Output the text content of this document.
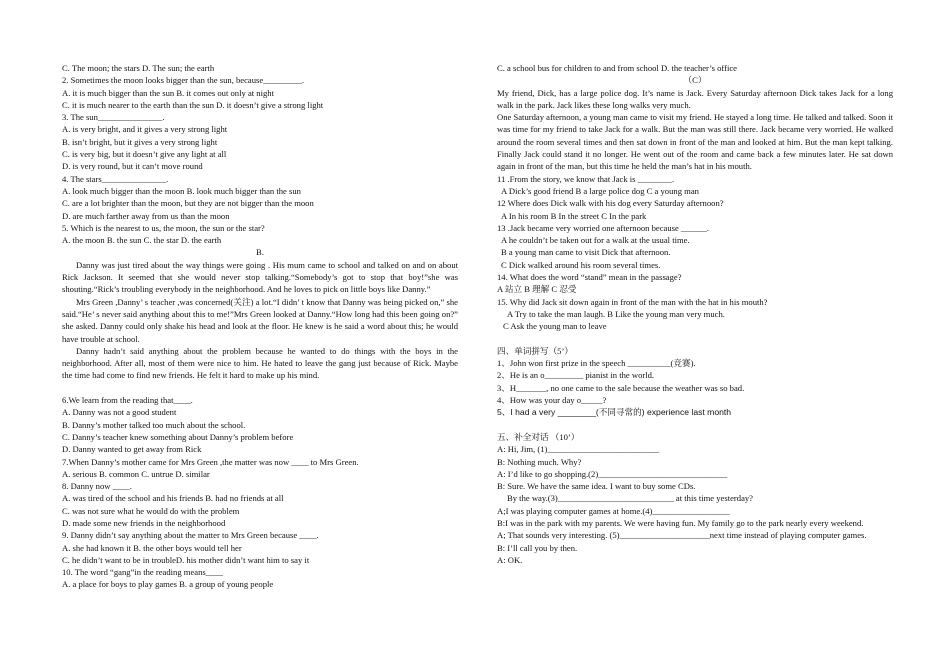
C. The moon; the stars D. The sun; the earth
2. Sometimes the moon looks bigger than the sun, because_________.
A. it is much bigger than the sun B. it comes out only at night
C. it is much nearer to the earth than the sun D. it doesn’t give a strong light
3. The sun_______________.
A. is very bright, and it gives a very strong light
B. isn’t bright, but it gives a very strong light
C. is very big, but it doesn’t give any light at all
D. is very round, but it can’t move round
4. The stars_______________.
A. look much bigger than the moon B. look much bigger than the sun
C. are a lot brighter than the moon, but they are not bigger than the moon
D. are much farther away from us than the moon
5. Which is the nearest to us, the moon, the sun or the star?
A. the moon B. the sun C. the star D. the earth
B.
Danny was just tired about the way things were going . His mum came to school and talked on and on about Rick Jackson. It seemed that she would never stop talking.“Somebody’s got to stop that boy!”she was shouting.“Rick’s troubling everybody in the neighborhood. And he loves to pick on little boys like Danny.”
Mrs Green ,Danny’ s teacher ,was concerned(关注) a lot.“I didn’ t know that Danny was being picked on,” she said.“He’ s never said anything about this to me!”Mrs Green looked at Danny.“How long had this been going on?” she asked. Danny could only shake his head and look at the floor. He knew is he said a word about this; he would have trouble at school.
Danny hadn’t said anything about the problem because he wanted to do things with the boys in the neighborhood. After all, most of them were nice to him. He hated to leave the gang just because of Rick. Maybe the time had come to find new friends. He felt it hard to make up his mind.
6.We learn from the reading that____.
A. Danny was not a good student
B. Danny’s mother talked too much about the school.
C. Danny’s teacher knew something about Danny’s problem before
D. Danny wanted to get away from Rick
7.When Danny’s mother came for Mrs Green ,the matter was now ____ to Mrs Green.
A. serious B. common C. untrue D. similar
8. Danny now ____.
A. was tired of the school and his friends B. had no friends at all
C. was not sure what he would do with the problem
D. made some new friends in the neighborhood
9. Danny didn’t say anything about the matter to Mrs Green because ____.
A. she had known it B. the other boys would tell her
C. he didn’t want to be in troubleD. his mother didn’t want him to say it
10. The word “gang”in the reading means____
A. a place for boys to play games B. a group of young people
C. a school bus for children to and from school D. the teacher’s office
（C）
My friend, Dick, has a large police dog. It’s name is Jack. Every Saturday afternoon Dick takes Jack for a long walk in the park. Jack likes these long walks very much.
One Saturday afternoon, a young man came to visit my friend. He stayed a long time. He talked and talked. Soon it was time for my friend to take Jack for a walk. But the man was still there. Jack became very worried. He walked around the room several times and then sat down in front of the man and looked at him. But the man kept talking. Finally Jack could stand it no longer. He went out of the room and came back a few minutes later. He sat down again in front of the man, but this time he held the man’s hat in his mouth.
11 .From the story, we know that Jack is ________.
A Dick’s good friend B a large police dog C a young man
12 Where does Dick walk with his dog every Saturday afternoon?
A In his room B In the street C In the park
13 .Jack became very worried one afternoon because ______.
A he couldn’t be taken out for a walk at the usual time.
B a young man came to visit Dick that afternoon.
C Dick walked around his room several times.
14. What does the word “stand” mean in the passage?
A 站立 B 理解 C 忍受
15. Why did Jack sit down again in front of the man with the hat in his mouth?
A Try to take the man laugh. B Like the young man very much.
C Ask the young man to leave
四、单词拼写（5’）
1、John won first prize in the speech __________(竞赛).
2、He is an o_________ pianist in the world.
3、H_______, no one came to the sale because the weather was so bad.
4、How was your day o_____?
5、I had a very ________(不同寻常的) experience last month
五、补全对话 （10’）
A: Hi, Jim, (1)__________________________
B: Nothing much. Why?
A: I’d like to go shopping.(2)______________________________
B: Sure. We have the same idea. I want to buy some CDs.
By the way.(3)___________________________ at this time yesterday?
A;I was playing computer games at home.(4)__________________
B:I was in the park with my parents. We were having fun. My family go to the park nearly every weekend.
A; That sounds very interesting. (5)_____________________next time instead of playing computer games.
B: I’ll call you by then.
A: OK.
